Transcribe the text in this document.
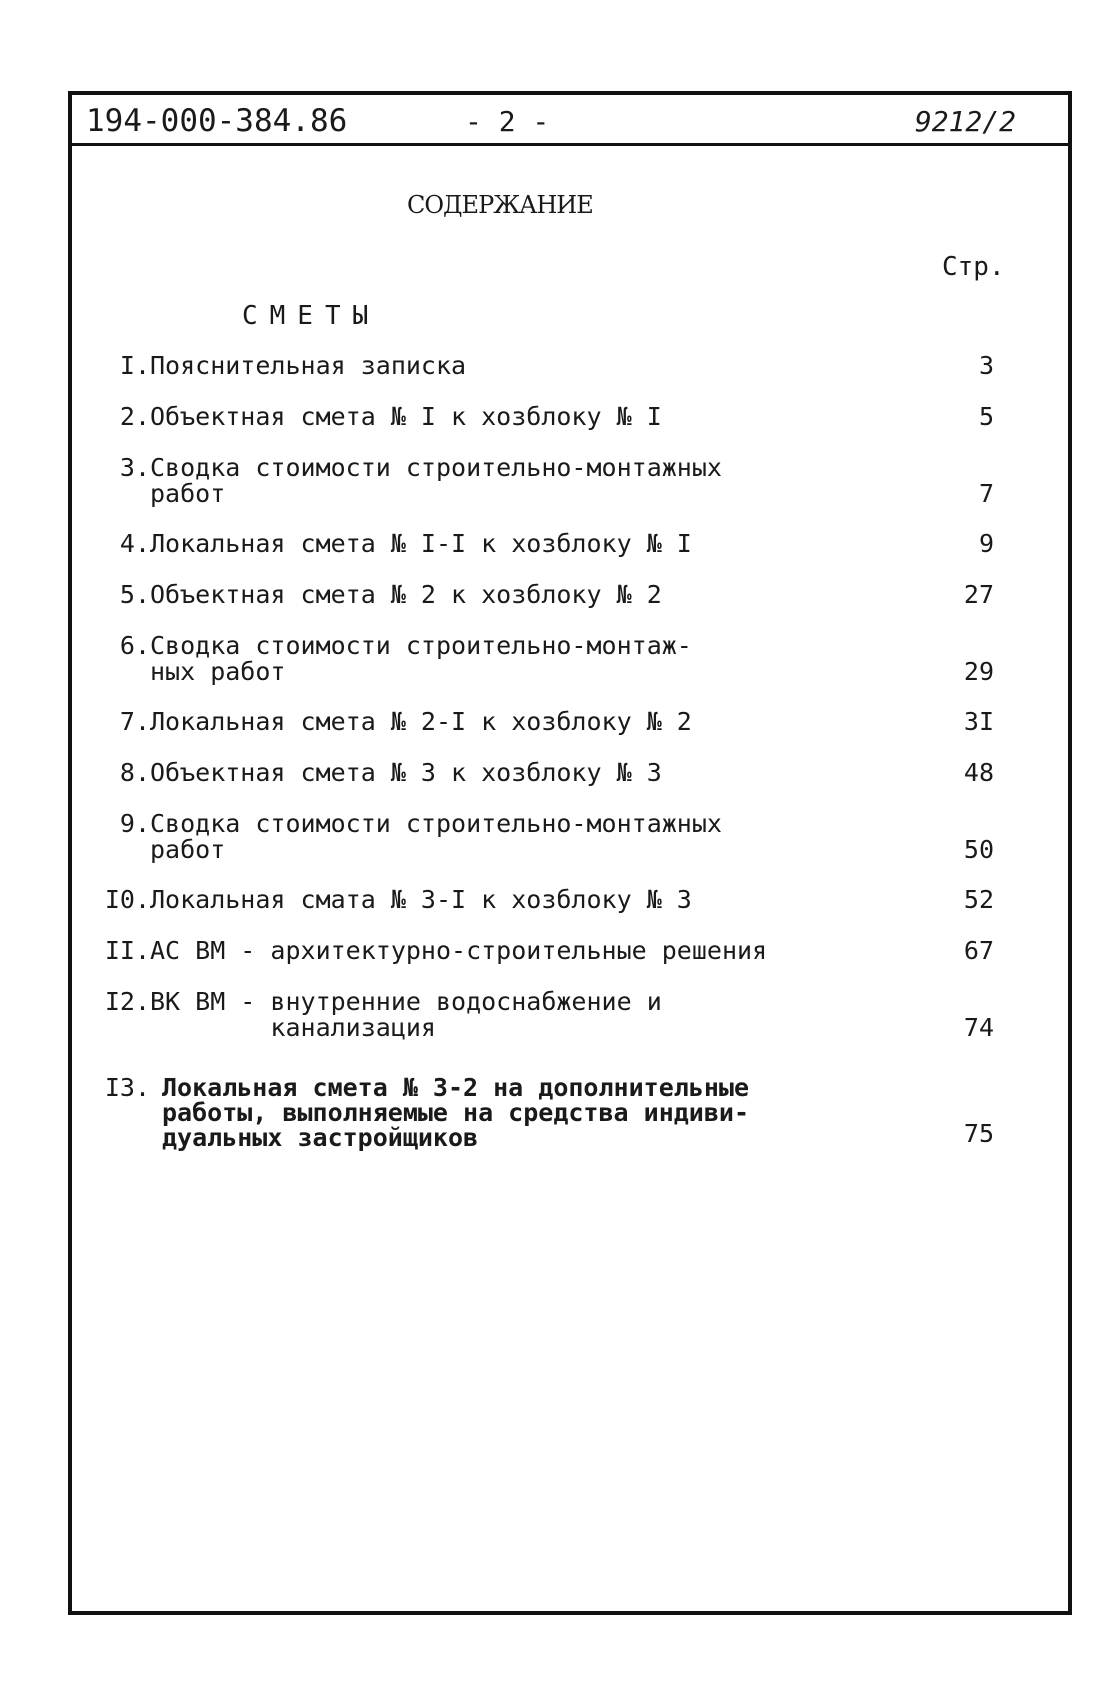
194-000-384.86	- 2 -	9212/2
СОДЕРЖАНИЕ
Стр.
СМЕТЫ
I. Пояснительная записка	3
2. Объектная смета № I к хозблоку № I	5
3. Сводка стоимости строительно-монтажных
работ	7
4. Локальная смета № I-I к хозблоку № I	9
5. Объектная смета № 2 к хозблоку № 2	27
6. Сводка стоимости строительно-монтаж-
ных работ	29
7. Локальная смета № 2-I к хозблоку № 2	3I
8. Объектная смета № 3 к хозблоку № 3	48
9. Сводка стоимости строительно-монтажных
работ	50
I0. Локальная смата № 3-I к хозблоку № 3	52
II. АС ВМ - архитектурно-строительные решения	67
I2. ВК ВМ - внутренние водоснабжение и
канализация	74
I3. Локальная смета № 3-2 на дополнительные
работы, выполняемые на средства индиви-
дуальных застройщиков	75
